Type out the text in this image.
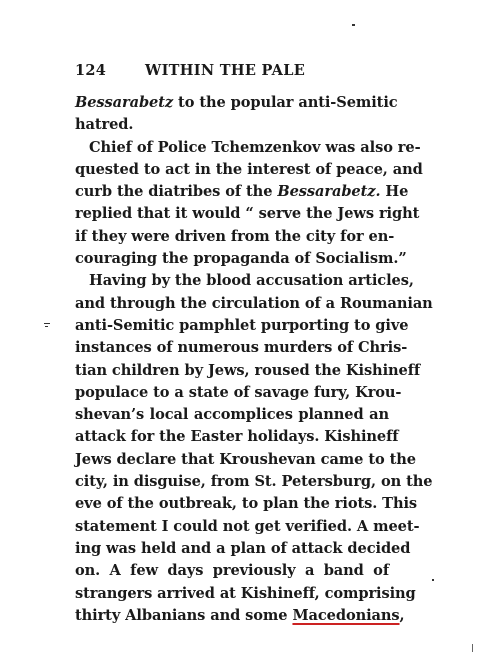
124	WITHIN THE PALE
Bessarabetz to the popular anti-Semitic
hatred.
Chief of Police Tchemzenkov was also re-
quested to act in the interest of peace, and
curb the diatribes of the Bessarabetz. He
replied that it would “ serve the Jews right
if they were driven from the city for en-
couraging the propaganda of Socialism.”
Having by the blood accusation articles,
and through the circulation of a Roumanian
anti-Semitic pamphlet purporting to give
instances of numerous murders of Chris-
tian children by Jews, roused the Kishineff
populace to a state of savage fury, Krou-
shevan’s local accomplices planned an
attack for the Easter holidays. Kishineff
Jews declare that Kroushevan came to the
city, in disguise, from St. Petersburg, on the
eve of the outbreak, to plan the riots. This
statement I could not get verified. A meet-
ing was held and a plan of attack decided
on. A few days previously a band of
strangers arrived at Kishineff, comprising
thirty Albanians and some Macedonians,
